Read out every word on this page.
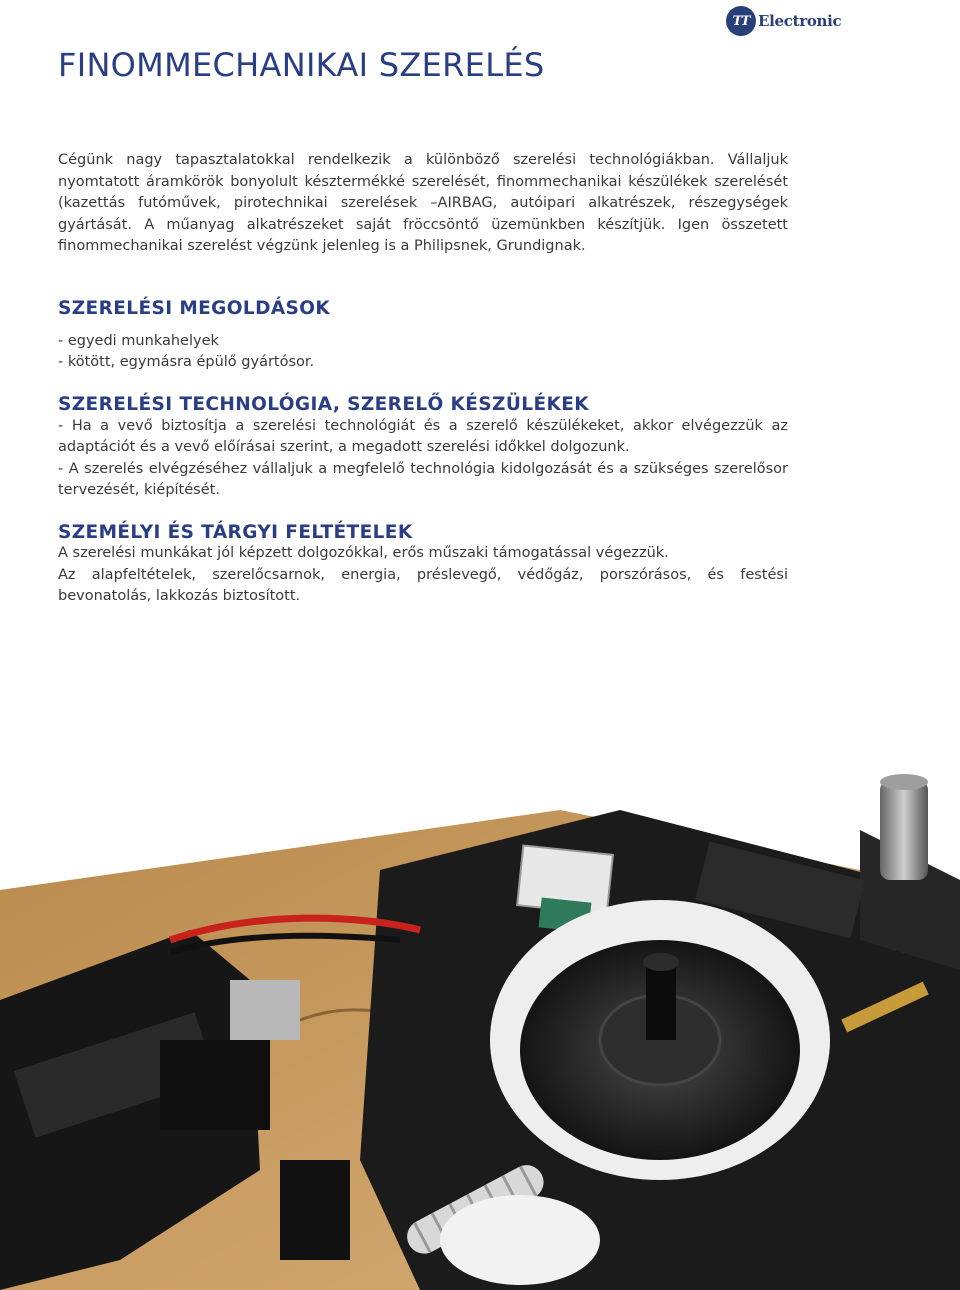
TT Electronic
FINOMMECHANIKAI SZERELÉS

Cégünk nagy tapasztalatokkal rendelkezik a különböző szerelési technológiákban. Vállaljuk nyomtatott áramkörök bonyolult késztermékké szerelését, finommechanikai készülékek szerelését (kazettás futóművek, pirotechnikai szerelések –AIRBAG, autóipari alkatrészek, részegységek gyártását. A műanyag alkatrészeket saját fröccsöntő üzemünkben készítjük. Igen összetett finommechanikai szerelést végzünk jelenleg is a Philipsnek, Grundignak.

SZERELÉSI MEGOLDÁSOK
- egyedi munkahelyek
- kötött, egymásra épülő gyártósor.
SZERELÉSI TECHNOLÓGIA, SZERELŐ KÉSZÜLÉKEK

- Ha a vevő biztosítja a szerelési technológiát és a szerelő készülékeket, akkor elvégezzük az adaptációt és a vevő előírásai szerint, a megadott szerelési időkkel dolgozunk.

- A szerelés elvégzéséhez vállaljuk a megfelelő technológia kidolgozását és a szükséges szerelősor tervezését, kiépítését.

SZEMÉLYI ÉS TÁRGYI FELTÉTELEK

A szerelési munkákat jól képzett dolgozókkal, erős műszaki támogatással végezzük.

Az alapfeltételek, szerelőcsarnok, energia, préslevegő, védőgáz, porszórásos, és festési bevonatolás, lakkozás biztosított.
